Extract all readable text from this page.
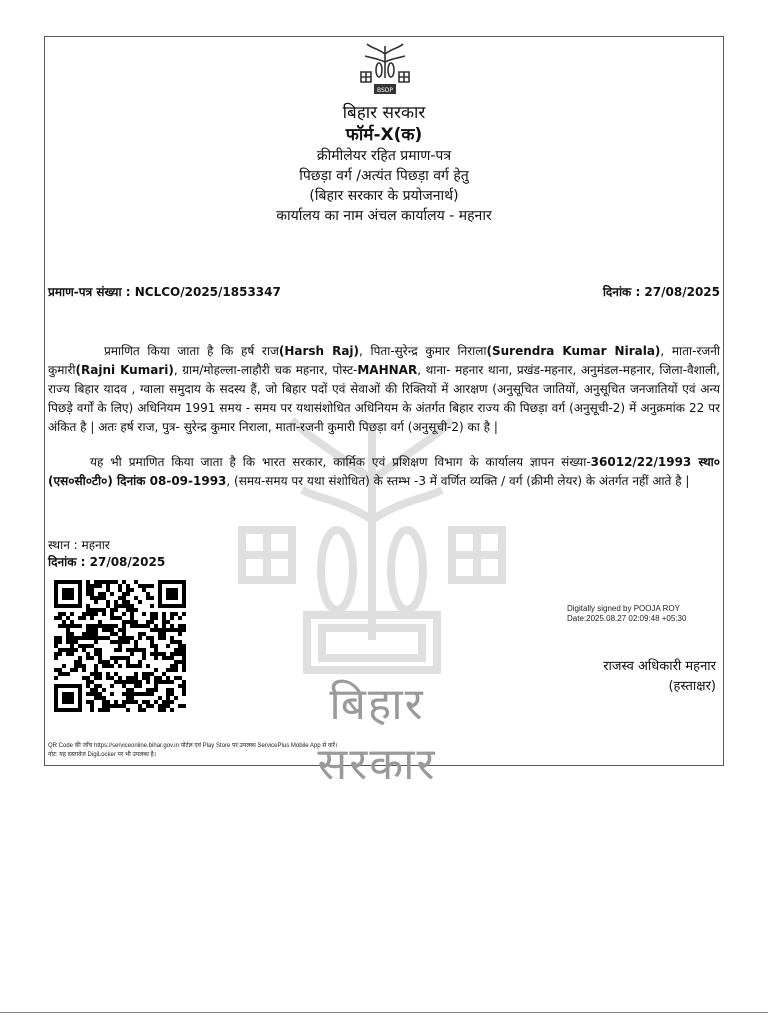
बिहार सरकार
BSDP

बिहार सरकार

फॉर्म-X(क)

क्रीमीलेयर रहित प्रमाण-पत्र

पिछड़ा वर्ग /अत्यंत पिछड़ा वर्ग हेतु

(बिहार सरकार के प्रयोजनार्थ)

कार्यालय का नाम अंचल कार्यालय - महनार

प्रमाण-पत्र संख्या : NCLCO/2025/1853347	दिनांक : 27/08/2025

प्रमाणित किया जाता है कि हर्ष राज(Harsh Raj), पिता-सुरेन्द्र कुमार निराला(Surendra Kumar Nirala), माता-रजनी कुमारी(Rajni Kumari), ग्राम/मोहल्ला-लाहौरी चक महनार, पोस्ट-MAHNAR, थाना- महनार थाना, प्रखंड-महनार, अनुमंडल-महनार, जिला-वैशाली, राज्य बिहार यादव , ग्वाला समुदाय के सदस्य हैं, जो बिहार पदों एवं सेवाओं की रिक्तियों में आरक्षण (अनुसूचित जातियों, अनुसूचित जनजातियों एवं अन्य पिछड़े वर्गों के लिए) अधिनियम 1991 समय - समय पर यथासंशोधित अधिनियम के अंतर्गत बिहार राज्य की पिछड़ा वर्ग (अनुसूची-2) में अनुक्रमांक 22 पर अंकित है | अतः हर्ष राज, पुत्र- सुरेन्द्र कुमार निराला, माता-रजनी कुमारी पिछड़ा वर्ग (अनुसूची-2) का है |

यह भी प्रमाणित किया जाता है कि भारत सरकार, कार्मिक एवं प्रशिक्षण विभाग के कार्यालय ज्ञापन संख्या-36012/22/1993 स्था० (एस०सी०टी०) दिनांक 08-09-1993, (समय-समय पर यथा संशोधित) के स्तम्भ -3 में वर्णित व्यक्ति / वर्ग (क्रीमी लेयर) के अंतर्गत नहीं आते है |

स्थान : महनार
दिनांक : 27/08/2025
Digitally signed by POOJA ROY
Date:2025.08.27 02:09:48 +05:30
राजस्व अधिकारी महनार
(हस्ताक्षर)
QR Code की जाँच https://serviceonline.bihar.gov.in पोर्टल एवं Play Store पर उपलब्ध ServicePlus Mobile App से करें।
नोट: यह दस्तावेज DigiLocker पर भी उपलब्ध है।
